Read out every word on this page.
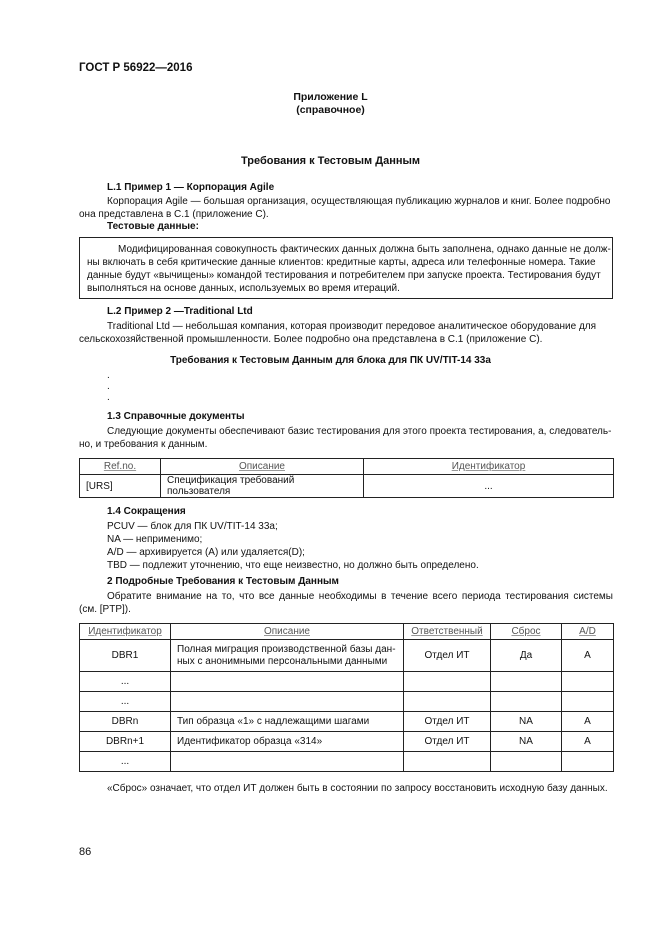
ГОСТ Р 56922—2016
Приложение L
(справочное)
Требования к Тестовым Данным
L.1 Пример 1 — Корпорация Agile
Корпорация Agile — большая организация, осуществляющая публикацию журналов и книг. Более подробно
она представлена в С.1 (приложение С).
Тестовые данные:
Модифицированная совокупность фактических данных должна быть заполнена, однако данные не долж-
ны включать в себя критические данные клиентов: кредитные карты, адреса или телефонные номера. Такие
данные будут «вычищены» командой тестирования и потребителем при запуске проекта. Тестирования будут
выполняться на основе данных, используемых во время итераций.
L.2 Пример 2 —Traditional Ltd
Traditional Ltd — небольшая компания, которая производит передовое аналитическое оборудование для
сельскохозяйственной промышленности. Более подробно она представлена в С.1 (приложение С).
Требования к Тестовым Данным для блока для ПК UV/TIT-14 33а
.
.
.
1.3 Справочные документы
Следующие документы обеспечивают базис тестирования для этого проекта тестирования, а, следователь-
но, и требования к данным.
Ref.no.	Описание	Идентификатор
[URS]	Спецификация требований пользователя	...
1.4 Сокращения
PCUV — блок для ПК UV/TIT-14 33а;
NA — неприменимо;
A/D — архивируется (А) или удаляется(D);
TBD — подлежит уточнению, что еще неизвестно, но должно быть определено.
2 Подробные Требования к Тестовым Данным
Обратите внимание на то, что все данные необходимы в течение всего периода тестирования системы
(см. [PTP]).
Идентификатор	Описание	Ответственный	Сброс	A/D
DBR1	Полная миграция производственной базы дан-
ных с анонимными персональными данными	Отдел ИТ	Да	А
...				
...				
DBRn	Тип образца «1» с надлежащими шагами	Отдел ИТ	NA	А
DBRn+1	Идентификатор образца «314»	Отдел ИТ	NA	А
...				
«Сброс» означает, что отдел ИТ должен быть в состоянии по запросу восстановить исходную базу данных.
86
